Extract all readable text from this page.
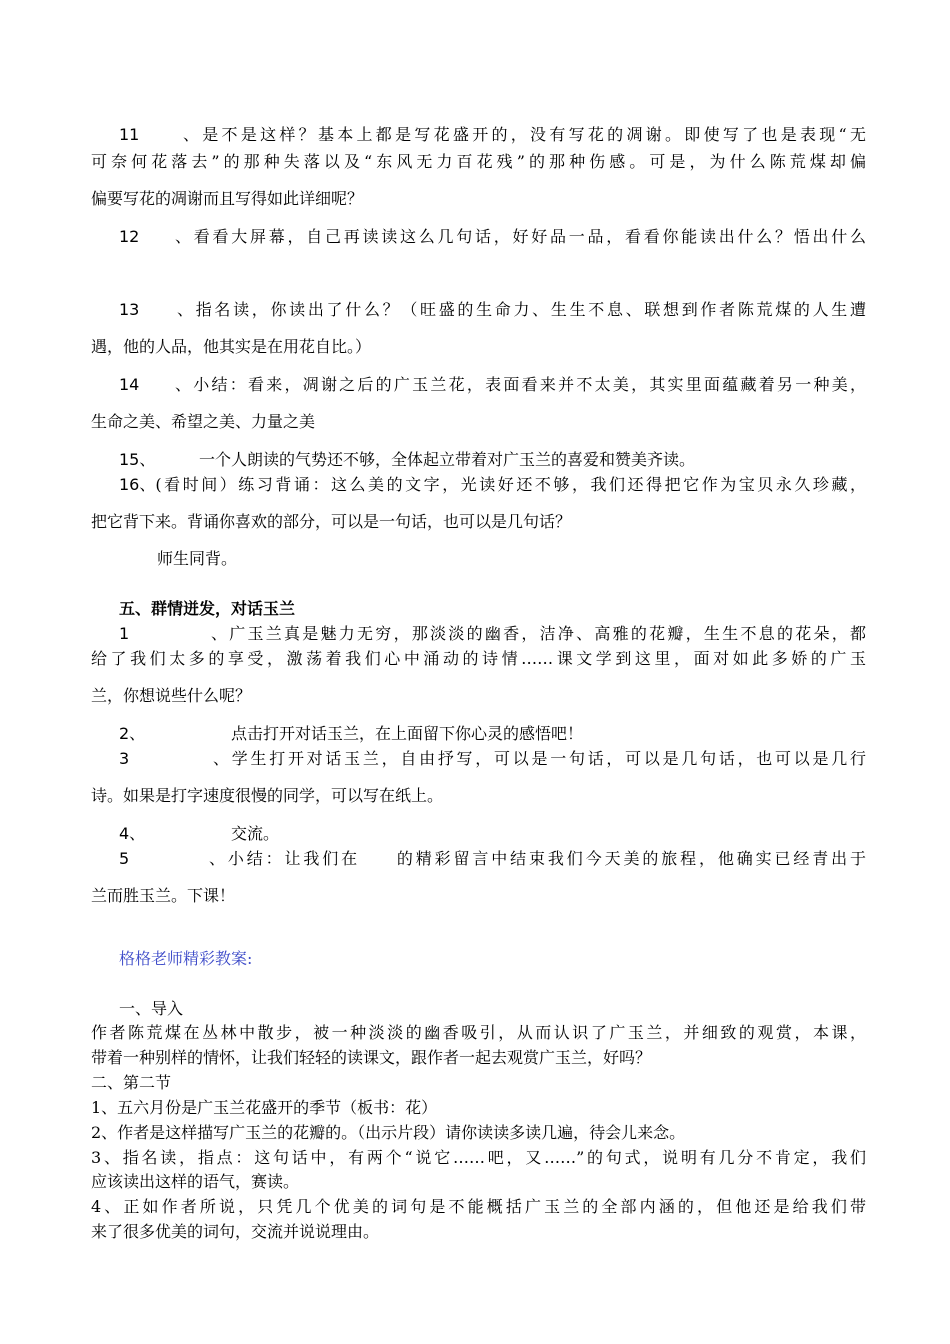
11、是不是这样？基本上都是写花盛开的，没有写花的凋谢。即使写了也是表现“无
可奈何花落去”的那种失落以及“东风无力百花残”的那种伤感。可是，为什么陈荒煤却偏
偏要写花的凋谢而且写得如此详细呢？
12、看看大屏幕，自己再读读这么几句话，好好品一品，看看你能读出什么？悟出什么
13、指名读，你读出了什么？（旺盛的生命力、生生不息、联想到作者陈荒煤的人生遭
遇，他的人品，他其实是在用花自比。）
14、小结：看来，凋谢之后的广玉兰花，表面看来并不太美，其实里面蕴藏着另一种美，
生命之美、希望之美、力量之美
15、	一个人朗读的气势还不够，全体起立带着对广玉兰的喜爱和赞美齐读。
16、(看时间）练习背诵：这么美的文字，光读好还不够，我们还得把它作为宝贝永久珍藏，
把它背下来。背诵你喜欢的部分，可以是一句话，也可以是几句话？
师生同背。
五、群情迸发，对话玉兰
1、广玉兰真是魅力无穷，那淡淡的幽香，洁净、高雅的花瓣，生生不息的花朵，都
给了我们太多的享受，激荡着我们心中涌动的诗情……课文学到这里，面对如此多娇的广玉
兰，你想说些什么呢？
2、	点击打开对话玉兰，在上面留下你心灵的感悟吧！
3、学生打开对话玉兰，自由抒写，可以是一句话，可以是几句话，也可以是几行
诗。如果是打字速度很慢的同学，可以写在纸上。
4、	交流。
5、小结：让我们在 的精彩留言中结束我们今天美的旅程，他确实已经青出于
兰而胜玉兰。下课！
格格老师精彩教案:
一、导入
作者陈荒煤在丛林中散步，被一种淡淡的幽香吸引，从而认识了广玉兰，并细致的观赏，本课，
带着一种别样的情怀，让我们轻轻的读课文，跟作者一起去观赏广玉兰，好吗？
二、第二节
1、五六月份是广玉兰花盛开的季节（板书：花）
2、作者是这样描写广玉兰的花瓣的。（出示片段）请你读读多读几遍，待会儿来念。
3、指名读，指点：这句话中，有两个“说它……吧，又……”的句式，说明有几分不肯定，我们
应该读出这样的语气，赛读。
4、正如作者所说，只凭几个优美的词句是不能概括广玉兰的全部内涵的，但他还是给我们带
来了很多优美的词句，交流并说说理由。
